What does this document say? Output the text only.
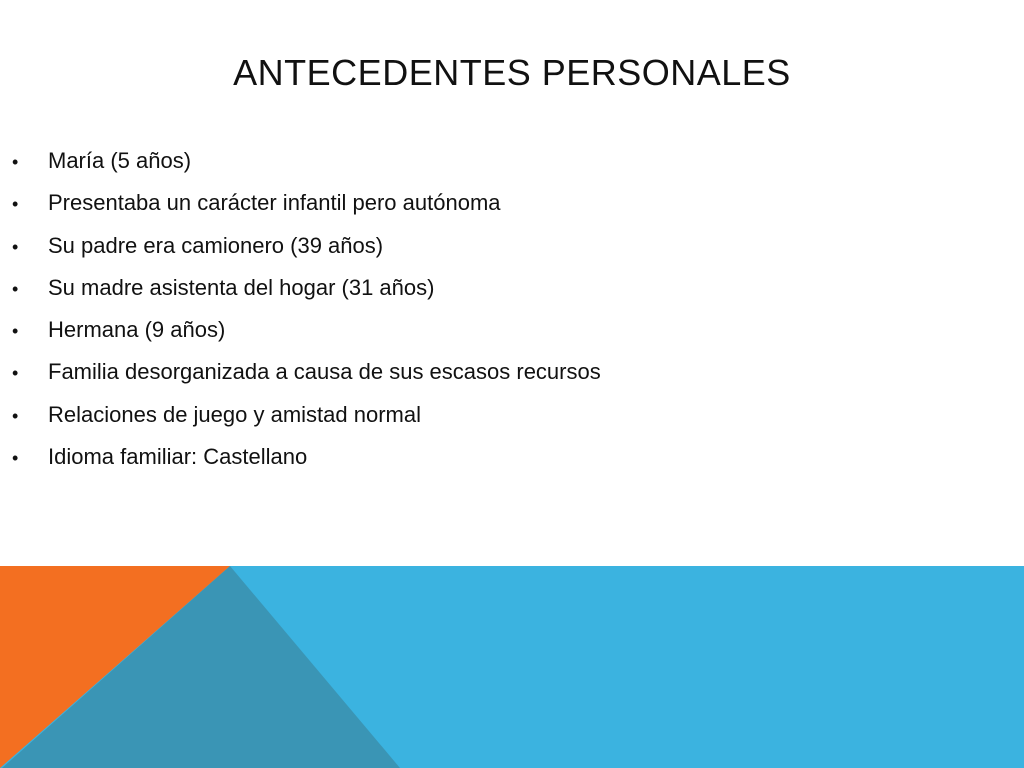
ANTECEDENTES PERSONALES
• María (5 años)
• Presentaba un carácter infantil pero autónoma
• Su padre era camionero (39 años)
• Su madre asistenta del hogar (31 años)
• Hermana (9 años)
• Familia desorganizada a causa de sus escasos recursos
• Relaciones de juego y amistad normal
• Idioma familiar: Castellano
